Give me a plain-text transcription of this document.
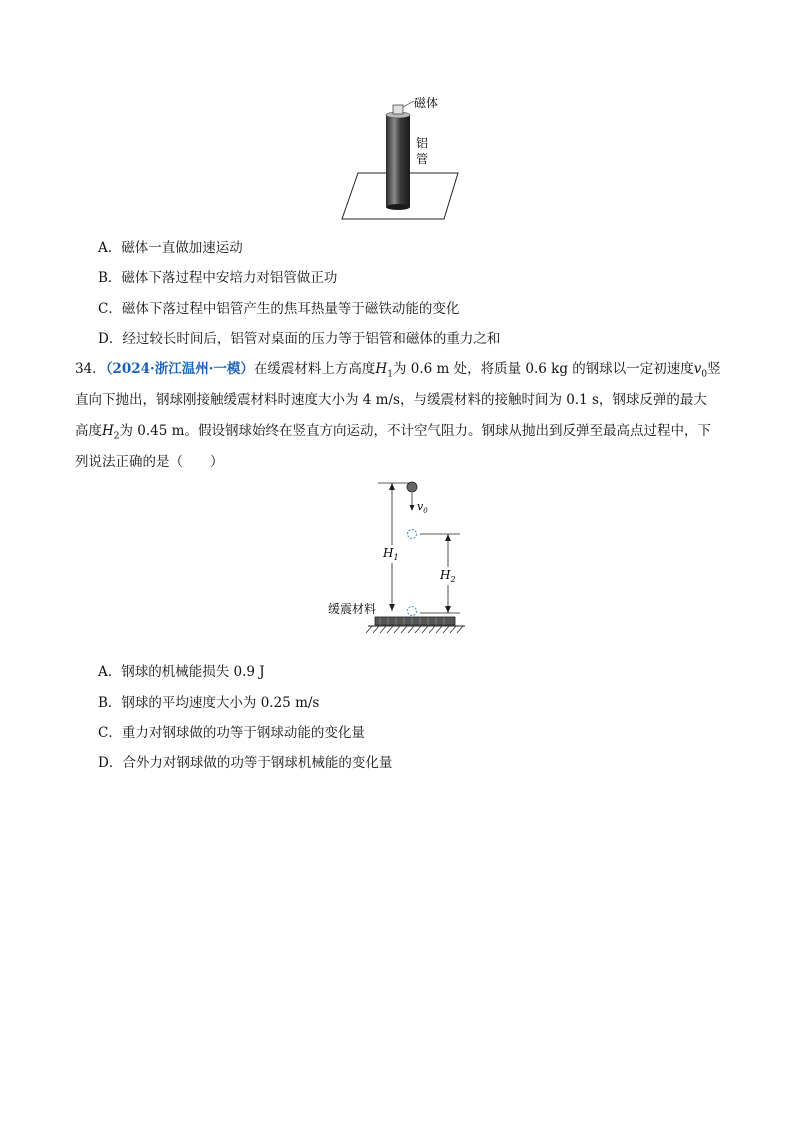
磁体
铝
管
A．磁体一直做加速运动
B．磁体下落过程中安培力对铝管做正功
C．磁体下落过程中铝管产生的焦耳热量等于磁铁动能的变化
D．经过较长时间后，铝管对桌面的压力等于铝管和磁体的重力之和
34．（2024·浙江温州·一模）在缓震材料上方高度$H_1$为 0.6 m 处，将质量 0.6 kg 的钢球以一定初速度$v_0$竖
直向下抛出，钢球刚接触缓震材料时速度大小为 4 m/s，与缓震材料的接触时间为 0.1 s，钢球反弹的最大
高度$H_2$为 0.45 m。假设钢球始终在竖直方向运动，不计空气阻力。钢球从抛出到反弹至最高点过程中，下
列说法正确的是（　　）
$H_1$
$v_0$
$H_2$
缓震材料
A．钢球的机械能损失 0.9 J
B．钢球的平均速度大小为 0.25 m/s
C．重力对钢球做的功等于钢球动能的变化量
D．合外力对钢球做的功等于钢球机械能的变化量
